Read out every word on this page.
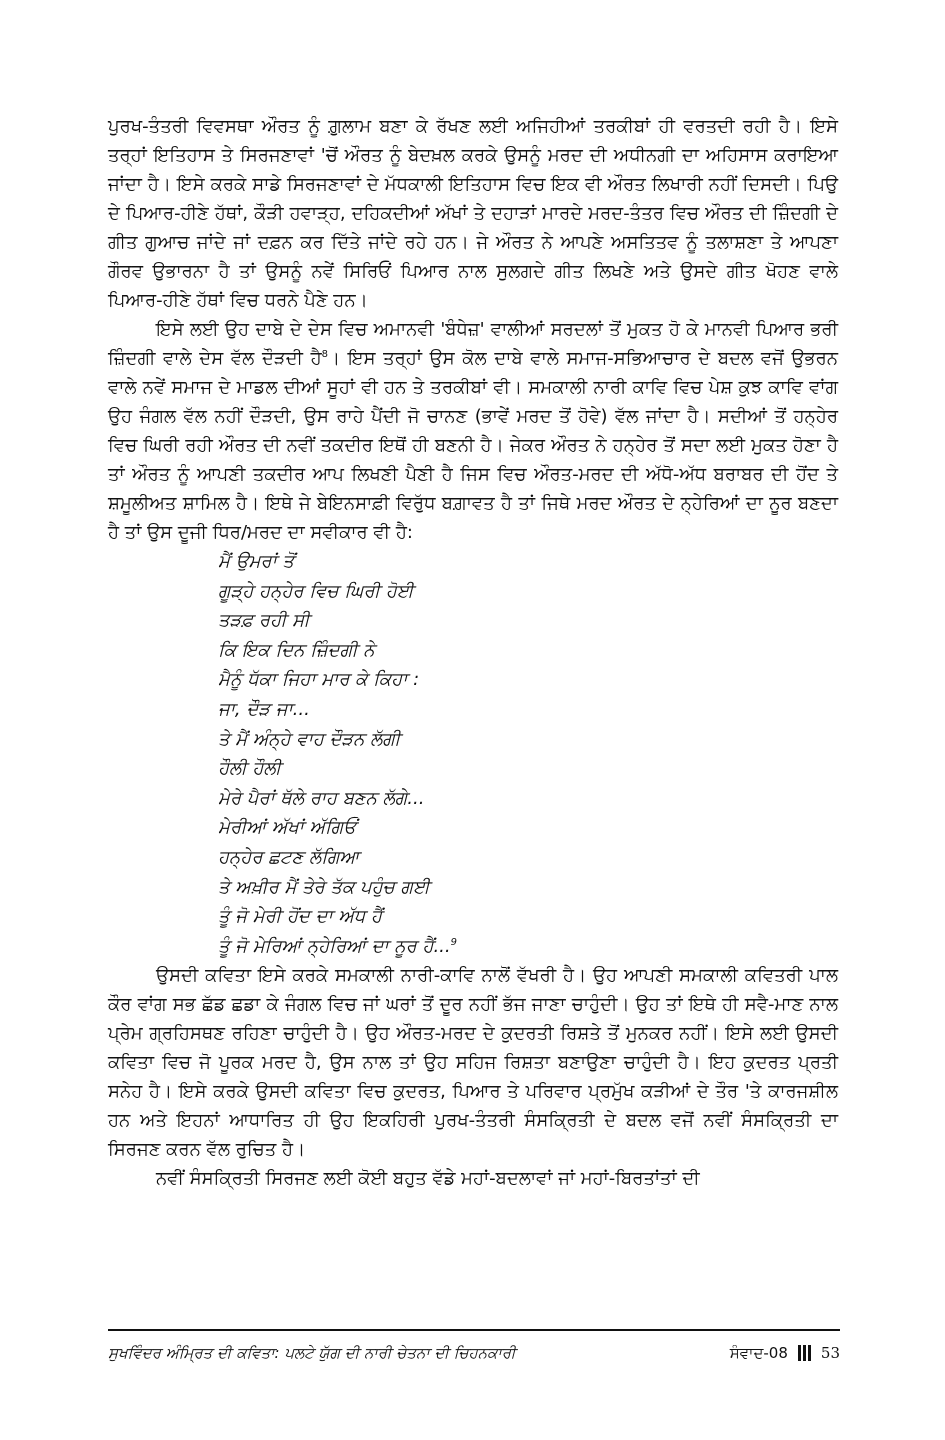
ਪੁਰਖ-ਤੰਤਰੀ ਵਿਵਸਥਾ ਔਰਤ ਨੂੰ ਗ਼ੁਲਾਮ ਬਣਾ ਕੇ ਰੱਖਣ ਲਈ ਅਜਿਹੀਆਂ ਤਰਕੀਬਾਂ ਹੀ ਵਰਤਦੀ ਰਹੀ ਹੈ। ਇਸੇ ਤਰ੍ਹਾਂ ਇਤਿਹਾਸ ਤੇ ਸਿਰਜਣਾਵਾਂ 'ਚੋਂ ਔਰਤ ਨੂੰ ਬੇਦਖ਼ਲ ਕਰਕੇ ਉਸਨੂੰ ਮਰਦ ਦੀ ਅਧੀਨਗੀ ਦਾ ਅਹਿਸਾਸ ਕਰਾਇਆ ਜਾਂਦਾ ਹੈ। ਇਸੇ ਕਰਕੇ ਸਾਡੇ ਸਿਰਜਣਾਵਾਂ ਦੇ ਮੱਧਕਾਲੀ ਇਤਿਹਾਸ ਵਿਚ ਇਕ ਵੀ ਔਰਤ ਲਿਖਾਰੀ ਨਹੀਂ ਦਿਸਦੀ। ਪਿਉ ਦੇ ਪਿਆਰ-ਹੀਣੇ ਹੱਥਾਂ, ਕੌੜੀ ਹਵਾੜ੍ਹ, ਦਹਿਕਦੀਆਂ ਅੱਖਾਂ ਤੇ ਦਹਾੜਾਂ ਮਾਰਦੇ ਮਰਦ-ਤੰਤਰ ਵਿਚ ਔਰਤ ਦੀ ਜ਼ਿੰਦਗੀ ਦੇ ਗੀਤ ਗੁਆਚ ਜਾਂਦੇ ਜਾਂ ਦਫ਼ਨ ਕਰ ਦਿੱਤੇ ਜਾਂਦੇ ਰਹੇ ਹਨ। ਜੇ ਔਰਤ ਨੇ ਆਪਣੇ ਅਸਤਿਤਵ ਨੂੰ ਤਲਾਸ਼ਣਾ ਤੇ ਆਪਣਾ ਗੌਰਵ ਉਭਾਰਨਾ ਹੈ ਤਾਂ ਉਸਨੂੰ ਨਵੇਂ ਸਿਰਿਓਂ ਪਿਆਰ ਨਾਲ ਸੁਲਗਦੇ ਗੀਤ ਲਿਖਣੇ ਅਤੇ ਉਸਦੇ ਗੀਤ ਖੋਹਣ ਵਾਲੇ ਪਿਆਰ-ਹੀਣੇ ਹੱਥਾਂ ਵਿਚ ਧਰਨੇ ਪੈਣੇ ਹਨ।

ਇਸੇ ਲਈ ਉਹ ਦਾਬੇ ਦੇ ਦੇਸ ਵਿਚ ਅਮਾਨਵੀ 'ਬੰਧੇਜ਼' ਵਾਲੀਆਂ ਸਰਦਲਾਂ ਤੋਂ ਮੁਕਤ ਹੋ ਕੇ ਮਾਨਵੀ ਪਿਆਰ ਭਰੀ ਜ਼ਿੰਦਗੀ ਵਾਲੇ ਦੇਸ ਵੱਲ ਦੌੜਦੀ ਹੈ$^8$। ਇਸ ਤਰ੍ਹਾਂ ਉਸ ਕੋਲ ਦਾਬੇ ਵਾਲੇ ਸਮਾਜ-ਸਭਿਆਚਾਰ ਦੇ ਬਦਲ ਵਜੋਂ ਉਭਰਨ ਵਾਲੇ ਨਵੇਂ ਸਮਾਜ ਦੇ ਮਾਡਲ ਦੀਆਂ ਸੂਹਾਂ ਵੀ ਹਨ ਤੇ ਤਰਕੀਬਾਂ ਵੀ। ਸਮਕਾਲੀ ਨਾਰੀ ਕਾਵਿ ਵਿਚ ਪੇਸ਼ ਕੁਝ ਕਾਵਿ ਵਾਂਗ ਉਹ ਜੰਗਲ ਵੱਲ ਨਹੀਂ ਦੌੜਦੀ, ਉਸ ਰਾਹੇ ਪੈਂਦੀ ਜੋ ਚਾਨਣ (ਭਾਵੇਂ ਮਰਦ ਤੋਂ ਹੋਵੇ) ਵੱਲ ਜਾਂਦਾ ਹੈ। ਸਦੀਆਂ ਤੋਂ ਹਨ੍ਹੇਰ ਵਿਚ ਘਿਰੀ ਰਹੀ ਔਰਤ ਦੀ ਨਵੀਂ ਤਕਦੀਰ ਇਥੋਂ ਹੀ ਬਣਨੀ ਹੈ। ਜੇਕਰ ਔਰਤ ਨੇ ਹਨ੍ਹੇਰ ਤੋਂ ਸਦਾ ਲਈ ਮੁਕਤ ਹੋਣਾ ਹੈ ਤਾਂ ਔਰਤ ਨੂੰ ਆਪਣੀ ਤਕਦੀਰ ਆਪ ਲਿਖਣੀ ਪੈਣੀ ਹੈ ਜਿਸ ਵਿਚ ਔਰਤ-ਮਰਦ ਦੀ ਅੱਧੋ-ਅੱਧ ਬਰਾਬਰ ਦੀ ਹੋਂਦ ਤੇ ਸ਼ਮੂਲੀਅਤ ਸ਼ਾਮਿਲ ਹੈ। ਇਥੇ ਜੇ ਬੇਇਨਸਾਫ਼ੀ ਵਿਰੁੱਧ ਬਗ਼ਾਵਤ ਹੈ ਤਾਂ ਜਿਥੇ ਮਰਦ ਔਰਤ ਦੇ ਨ੍ਹੇਰਿਆਂ ਦਾ ਨੂਰ ਬਣਦਾ ਹੈ ਤਾਂ ਉਸ ਦੂਜੀ ਧਿਰ/ਮਰਦ ਦਾ ਸਵੀਕਾਰ ਵੀ ਹੈ:

ਮੈਂ ਉਮਰਾਂ ਤੋਂ
ਗੂੜ੍ਹੇ ਹਨ੍ਹੇਰ ਵਿਚ ਘਿਰੀ ਹੋਈ
ਤੜਫ਼ ਰਹੀ ਸੀ
ਕਿ ਇਕ ਦਿਨ ਜ਼ਿੰਦਗੀ ਨੇ
ਮੈਨੂੰ ਧੱਕਾ ਜਿਹਾ ਮਾਰ ਕੇ ਕਿਹਾ :
ਜਾ, ਦੌੜ ਜਾ...
ਤੇ ਮੈਂ ਅੰਨ੍ਹੇ ਵਾਹ ਦੌੜਨ ਲੱਗੀ
ਹੌਲੀ ਹੌਲੀ
ਮੇਰੇ ਪੈਰਾਂ ਥੱਲੇ ਰਾਹ ਬਣਨ ਲੱਗੇ...
ਮੇਰੀਆਂ ਅੱਖਾਂ ਅੱਗਿਓਂ
ਹਨ੍ਹੇਰ ਛਟਣ ਲੱਗਿਆ
ਤੇ ਅਖ਼ੀਰ ਮੈਂ ਤੇਰੇ ਤੱਕ ਪਹੁੰਚ ਗਈ
ਤੂੰ ਜੋ ਮੇਰੀ ਹੋਂਦ ਦਾ ਅੱਧ ਹੈਂ
ਤੂੰ ਜੋ ਮੇਰਿਆਂ ਨ੍ਹੇਰਿਆਂ ਦਾ ਨੂਰ ਹੈਂ...$^9$

ਉਸਦੀ ਕਵਿਤਾ ਇਸੇ ਕਰਕੇ ਸਮਕਾਲੀ ਨਾਰੀ-ਕਾਵਿ ਨਾਲੋਂ ਵੱਖਰੀ ਹੈ। ਉਹ ਆਪਣੀ ਸਮਕਾਲੀ ਕਵਿਤਰੀ ਪਾਲ ਕੌਰ ਵਾਂਗ ਸਭ ਛੱਡ ਛਡਾ ਕੇ ਜੰਗਲ ਵਿਚ ਜਾਂ ਘਰਾਂ ਤੋਂ ਦੂਰ ਨਹੀਂ ਭੱਜ ਜਾਣਾ ਚਾਹੁੰਦੀ। ਉਹ ਤਾਂ ਇਥੇ ਹੀ ਸਵੈ-ਮਾਣ ਨਾਲ ਪ੍ਰੇਮ ਗ੍ਰਹਿਸਥਣ ਰਹਿਣਾ ਚਾਹੁੰਦੀ ਹੈ। ਉਹ ਔਰਤ-ਮਰਦ ਦੇ ਕੁਦਰਤੀ ਰਿਸ਼ਤੇ ਤੋਂ ਮੁਨਕਰ ਨਹੀਂ। ਇਸੇ ਲਈ ਉਸਦੀ ਕਵਿਤਾ ਵਿਚ ਜੋ ਪੂਰਕ ਮਰਦ ਹੈ, ਉਸ ਨਾਲ ਤਾਂ ਉਹ ਸਹਿਜ ਰਿਸ਼ਤਾ ਬਣਾਉਣਾ ਚਾਹੁੰਦੀ ਹੈ। ਇਹ ਕੁਦਰਤ ਪ੍ਰਤੀ ਸਨੇਹ ਹੈ। ਇਸੇ ਕਰਕੇ ਉਸਦੀ ਕਵਿਤਾ ਵਿਚ ਕੁਦਰਤ, ਪਿਆਰ ਤੇ ਪਰਿਵਾਰ ਪ੍ਰਮੁੱਖ ਕੜੀਆਂ ਦੇ ਤੌਰ 'ਤੇ ਕਾਰਜਸ਼ੀਲ ਹਨ ਅਤੇ ਇਹਨਾਂ ਆਧਾਰਿਤ ਹੀ ਉਹ ਇਕਹਿਰੀ ਪੁਰਖ-ਤੰਤਰੀ ਸੰਸਕ੍ਰਿਤੀ ਦੇ ਬਦਲ ਵਜੋਂ ਨਵੀਂ ਸੰਸਕ੍ਰਿਤੀ ਦਾ ਸਿਰਜਣ ਕਰਨ ਵੱਲ ਰੁਚਿਤ ਹੈ।

ਨਵੀਂ ਸੰਸਕ੍ਰਿਤੀ ਸਿਰਜਣ ਲਈ ਕੋਈ ਬਹੁਤ ਵੱਡੇ ਮਹਾਂ-ਬਦਲਾਵਾਂ ਜਾਂ ਮਹਾਂ-ਬਿਰਤਾਂਤਾਂ ਦੀ

ਸੁਖਵਿੰਦਰ ਅੰਮ੍ਰਿਤ ਦੀ ਕਵਿਤਾ: ਪਲਟੇ ਯੁੱਗ ਦੀ ਨਾਰੀ ਚੇਤਨਾ ਦੀ ਚਿਹਨਕਾਰੀ	ਸੰਵਾਦ-08 53
